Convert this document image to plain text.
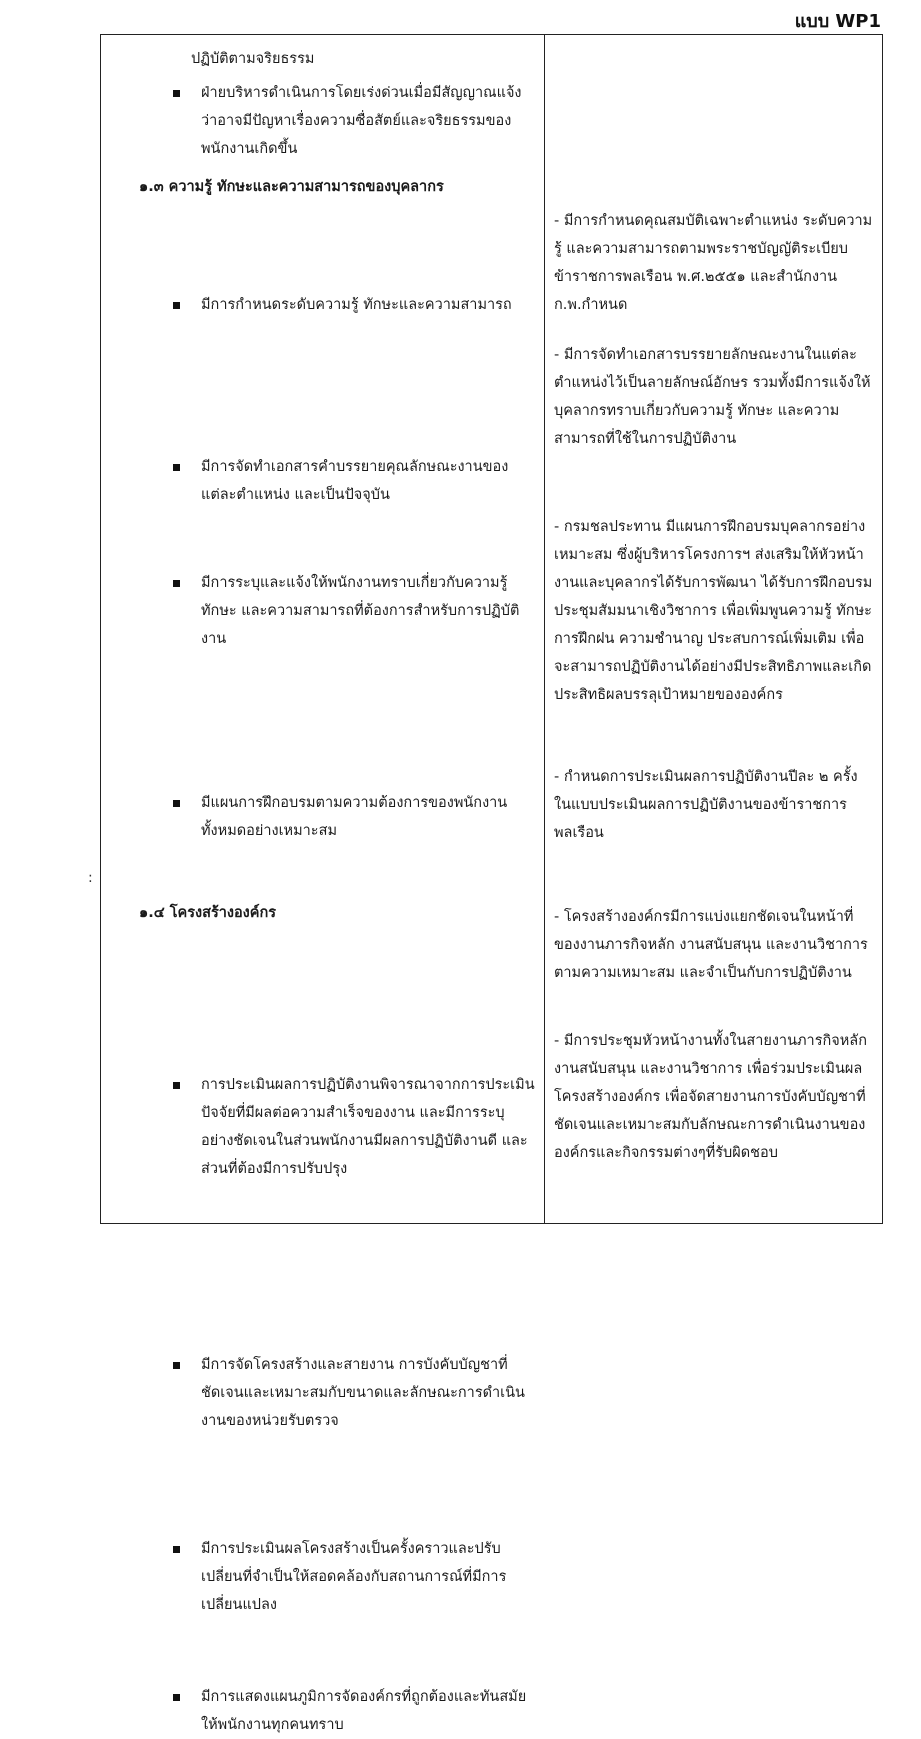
แบบ WP1
:
ปฏิบัติตามจริยธรรม
ฝ่ายบริหารดำเนินการโดยเร่งด่วนเมื่อมีสัญญาณแจ้งว่าอาจมีปัญหาเรื่องความซื่อสัตย์และจริยธรรมของพนักงานเกิดขึ้น
๑.๓ ความรู้ ทักษะและความสามารถของบุคลากร
มีการกำหนดระดับความรู้ ทักษะและความสามารถ
มีการจัดทำเอกสารคำบรรยายคุณลักษณะงานของแต่ละตำแหน่ง และเป็นปัจจุบัน
มีการระบุและแจ้งให้พนักงานทราบเกี่ยวกับความรู้ ทักษะ และความสามารถที่ต้องการสำหรับการปฏิบัติงาน
มีแผนการฝึกอบรมตามความต้องการของพนักงานทั้งหมดอย่างเหมาะสม
การประเมินผลการปฏิบัติงานพิจารณาจากการประเมินปัจจัยที่มีผลต่อความสำเร็จของงาน และมีการระบุอย่างชัดเจนในส่วนพนักงานมีผลการปฏิบัติงานดี และส่วนที่ต้องมีการปรับปรุง
๑.๔ โครงสร้างองค์กร
มีการจัดโครงสร้างและสายงาน การบังคับบัญชาที่ชัดเจนและเหมาะสมกับขนาดและลักษณะการดำเนินงานของหน่วยรับตรวจ
มีการประเมินผลโครงสร้างเป็นครั้งคราวและปรับเปลี่ยนที่จำเป็นให้สอดคล้องกับสถานการณ์ที่มีการเปลี่ยนแปลง
มีการแสดงแผนภูมิการจัดองค์กรที่ถูกต้องและทันสมัยให้พนักงานทุกคนทราบ
- มีการกำหนดคุณสมบัติเฉพาะตำแหน่ง ระดับความรู้ และความสามารถตามพระราชบัญญัติระเบียบข้าราชการพลเรือน พ.ศ.๒๕๕๑ และสำนักงาน ก.พ.กำหนด
- มีการจัดทำเอกสารบรรยายลักษณะงานในแต่ละตำแหน่งไว้เป็นลายลักษณ์อักษร รวมทั้งมีการแจ้งให้บุคลากรทราบเกี่ยวกับความรู้ ทักษะ และความสามารถที่ใช้ในการปฏิบัติงาน
- กรมชลประทาน มีแผนการฝึกอบรมบุคลากรอย่างเหมาะสม ซึ่งผู้บริหารโครงการฯ ส่งเสริมให้หัวหน้างานและบุคลากรได้รับการพัฒนา ได้รับการฝึกอบรม ประชุมสัมมนาเชิงวิชาการ เพื่อเพิ่มพูนความรู้ ทักษะ การฝึกฝน ความชำนาญ ประสบการณ์เพิ่มเติม เพื่อจะสามารถปฏิบัติงานได้อย่างมีประสิทธิภาพและเกิดประสิทธิผลบรรลุเป้าหมายขององค์กร
- กำหนดการประเมินผลการปฏิบัติงานปีละ ๒ ครั้ง ในแบบประเมินผลการปฏิบัติงานของข้าราชการพลเรือน
- โครงสร้างองค์กรมีการแบ่งแยกชัดเจนในหน้าที่ของงานภารกิจหลัก งานสนับสนุน และงานวิชาการ ตามความเหมาะสม และจำเป็นกับการปฏิบัติงาน
- มีการประชุมหัวหน้างานทั้งในสายงานภารกิจหลัก งานสนับสนุน และงานวิชาการ เพื่อร่วมประเมินผลโครงสร้างองค์กร เพื่อจัดสายงานการบังคับบัญชาที่ชัดเจนและเหมาะสมกับลักษณะการดำเนินงานขององค์กรและกิจกรรมต่างๆที่รับผิดชอบ
